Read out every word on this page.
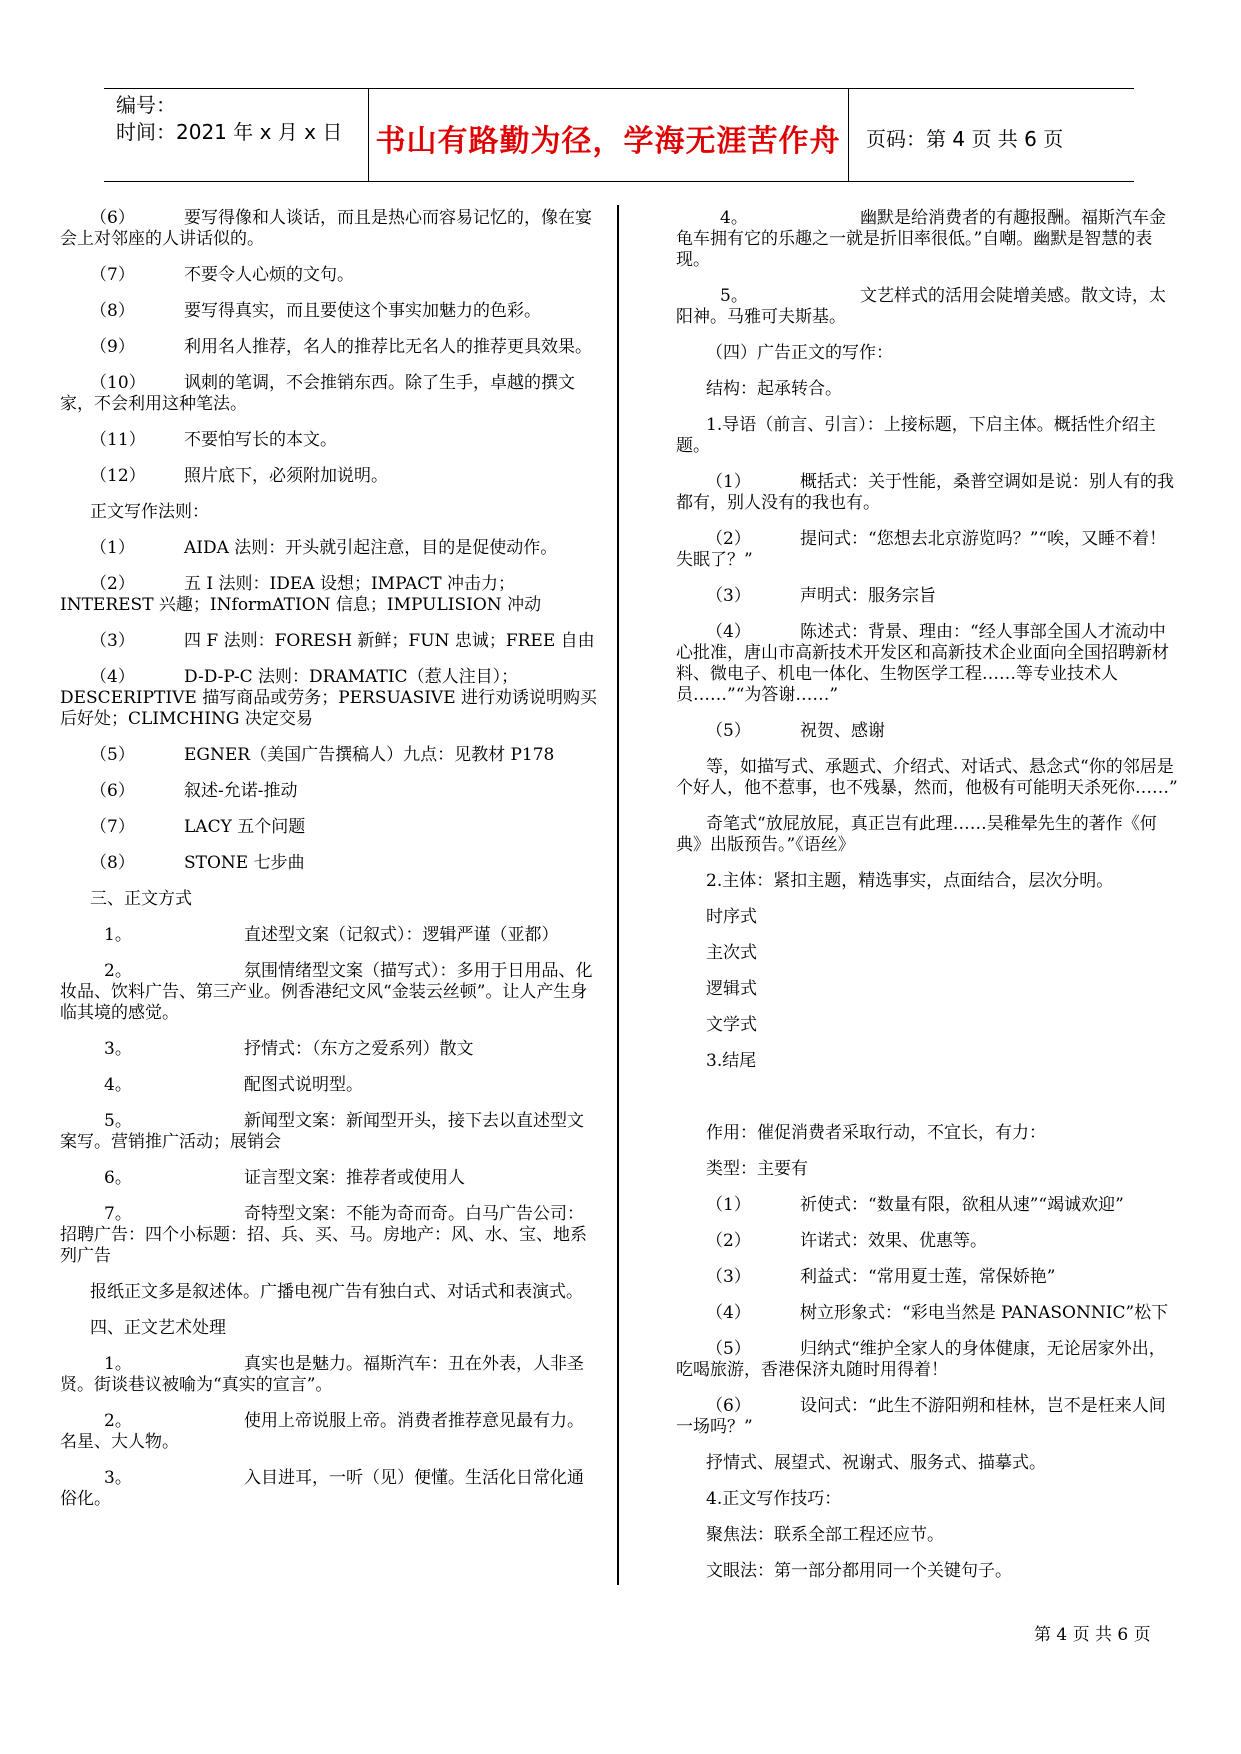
编号：
时间：2021 年 x 月 x 日 书山有路勤为径，学海无涯苦作舟	页码：第 4 页 共 6 页

（6）	要写得像和人谈话，而且是热心而容易记忆的，像在宴会上对邻座的人讲话似的。

（7）	不要令人心烦的文句。

（8）	要写得真实，而且要使这个事实加魅力的色彩。

（9）	利用名人推荐，名人的推荐比无名人的推荐更具效果。

（10） 讽刺的笔调，不会推销东西。除了生手，卓越的撰文家，不会利用这种笔法。

（11） 不要怕写长的本文。

（12） 照片底下，必须附加说明。

正文写作法则：

（1）	AIDA 法则：开头就引起注意，目的是促使动作。

（2）	五 I 法则：IDEA 设想；IMPACT 冲击力；INTEREST 兴趣；INformATION 信息；IMPULISION 冲动

（3）	四 F 法则：FORESH 新鲜；FUN 忠诚；FREE 自由

（4）	D-D-P-C 法则：DRAMATIC（惹人注目）；DESCERIPTIVE 描写商品或劳务；PERSUASIVE 进行劝诱说明购买后好处；CLIMCHING 决定交易

（5）	EGNER（美国广告撰稿人）九点：见教材 P178

（6）	叙述-允诺-推动

（7）	LACY 五个问题

（8）	STONE 七步曲

三、正文方式

1。	直述型文案（记叙式）：逻辑严谨（亚都）

2。	氛围情绪型文案（描写式）：多用于日用品、化妆品、饮料广告、第三产业。例香港纪文风“金装云丝顿”。让人产生身临其境的感觉。

3。	抒情式：（东方之爱系列）散文

4。	配图式说明型。

5。	新闻型文案：新闻型开头，接下去以直述型文案写。营销推广活动；展销会

6。	证言型文案：推荐者或使用人

7。	奇特型文案：不能为奇而奇。白马广告公司：招聘广告：四个小标题：招、兵、买、马。房地产：风、水、宝、地系列广告

报纸正文多是叙述体。广播电视广告有独白式、对话式和表演式。

四、正文艺术处理

1。	真实也是魅力。福斯汽车：丑在外表，人非圣贤。街谈巷议被喻为“真实的宣言”。

2。	使用上帝说服上帝。消费者推荐意见最有力。名星、大人物。

3。	入目进耳，一听（见）便懂。生活化日常化通俗化。

4。	幽默是给消费者的有趣报酬。福斯汽车金龟车拥有它的乐趣之一就是折旧率很低。”自嘲。幽默是智慧的表现。

5。	文艺样式的活用会陡增美感。散文诗，太阳神。马雅可夫斯基。

（四）广告正文的写作：

结构：起承转合。

1.导语（前言、引言）：上接标题，下启主体。概括性介绍主题。

（1）	概括式：关于性能，桑普空调如是说：别人有的我都有，别人没有的我也有。

（2）	提问式：“您想去北京游览吗？”“唉，又睡不着！失眠了？”

（3）	声明式：服务宗旨

（4）	陈述式：背景、理由：“经人事部全国人才流动中心批准，唐山市高新技术开发区和高新技术企业面向全国招聘新材料、微电子、机电一体化、生物医学工程……等专业技术人员……”“为答谢……”

（5）	祝贺、感谢

等，如描写式、承题式、介绍式、对话式、悬念式“你的邻居是个好人，他不惹事，也不残暴，然而，他极有可能明天杀死你……”

奇笔式“放屁放屁，真正岂有此理……吴稚晕先生的著作《何典》出版预告。”《语丝》

2.主体：紧扣主题，精选事实，点面结合，层次分明。

时序式

主次式

逻辑式

文学式

3.结尾

作用：催促消费者采取行动，不宜长，有力：

类型：主要有

（1）	祈使式：“数量有限，欲租从速”“竭诚欢迎”

（2）	许诺式：效果、优惠等。

（3）	利益式：“常用夏士莲，常保娇艳”

（4）	树立形象式：“彩电当然是 PANASONNIC”松下

（5）	归纳式“维护全家人的身体健康，无论居家外出，吃喝旅游，香港保济丸随时用得着！

（6）	设问式：“此生不游阳朔和桂林，岂不是枉来人间一场吗？”

抒情式、展望式、祝谢式、服务式、描摹式。

4.正文写作技巧：

聚焦法：联系全部工程还应节。

文眼法：第一部分都用同一个关键句子。

第 4 页 共 6 页
